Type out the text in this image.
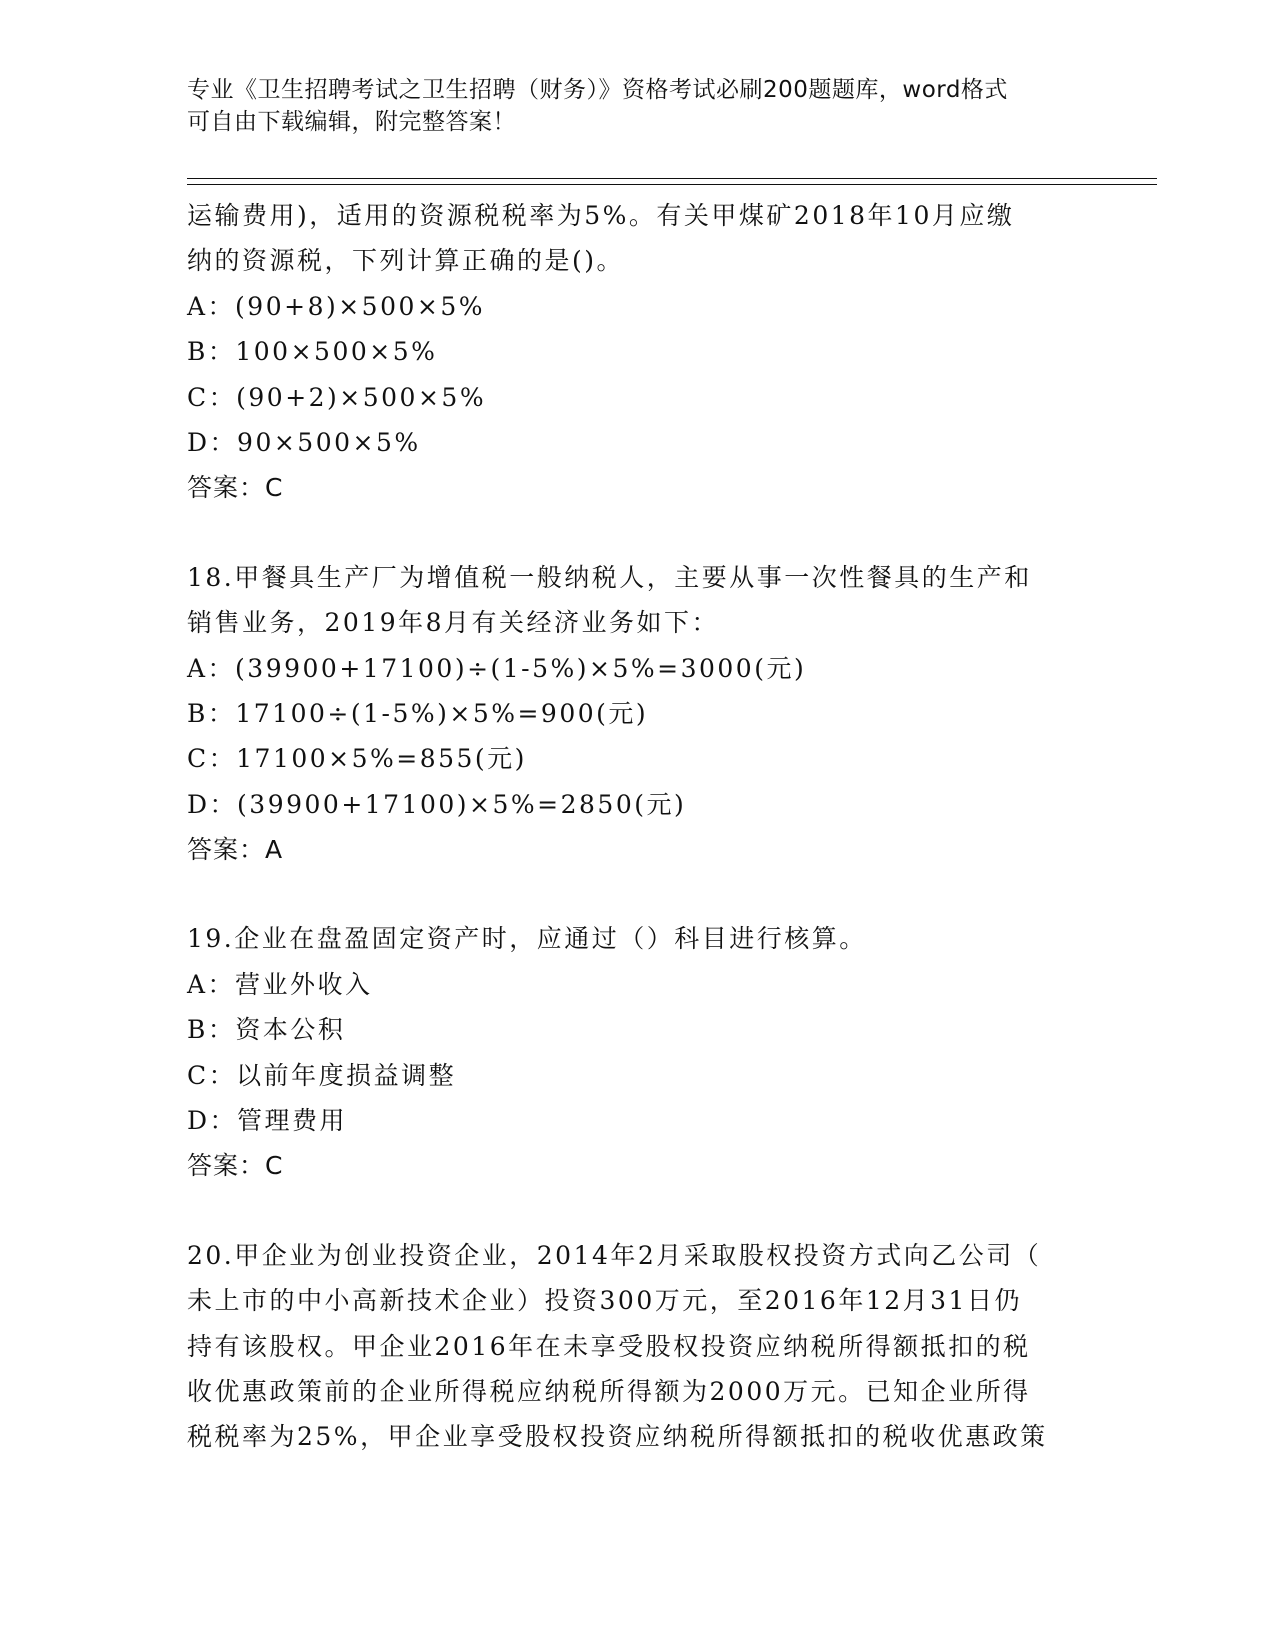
专业《卫生招聘考试之卫生招聘（财务）》资格考试必刷200题题库，word格式
可自由下载编辑，附完整答案！
运输费用)，适用的资源税税率为5%。有关甲煤矿2018年10月应缴
纳的资源税，下列计算正确的是()。
A：(90+8)×500×5%
B：100×500×5%
C：(90+2)×500×5%
D：90×500×5%
答案：C
18.甲餐具生产厂为增值税一般纳税人，主要从事一次性餐具的生产和
销售业务，2019年8月有关经济业务如下：
A：(39900+17100)÷(1-5%)×5%=3000(元)
B：17100÷(1-5%)×5%=900(元)
C：17100×5%=855(元)
D：(39900+17100)×5%=2850(元)
答案：A
19.企业在盘盈固定资产时，应通过（）科目进行核算。
A：营业外收入
B：资本公积
C：以前年度损益调整
D：管理费用
答案：C
20.甲企业为创业投资企业，2014年2月采取股权投资方式向乙公司（
未上市的中小高新技术企业）投资300万元，至2016年12月31日仍
持有该股权。甲企业2016年在未享受股权投资应纳税所得额抵扣的税
收优惠政策前的企业所得税应纳税所得额为2000万元。已知企业所得
税税率为25%，甲企业享受股权投资应纳税所得额抵扣的税收优惠政策
